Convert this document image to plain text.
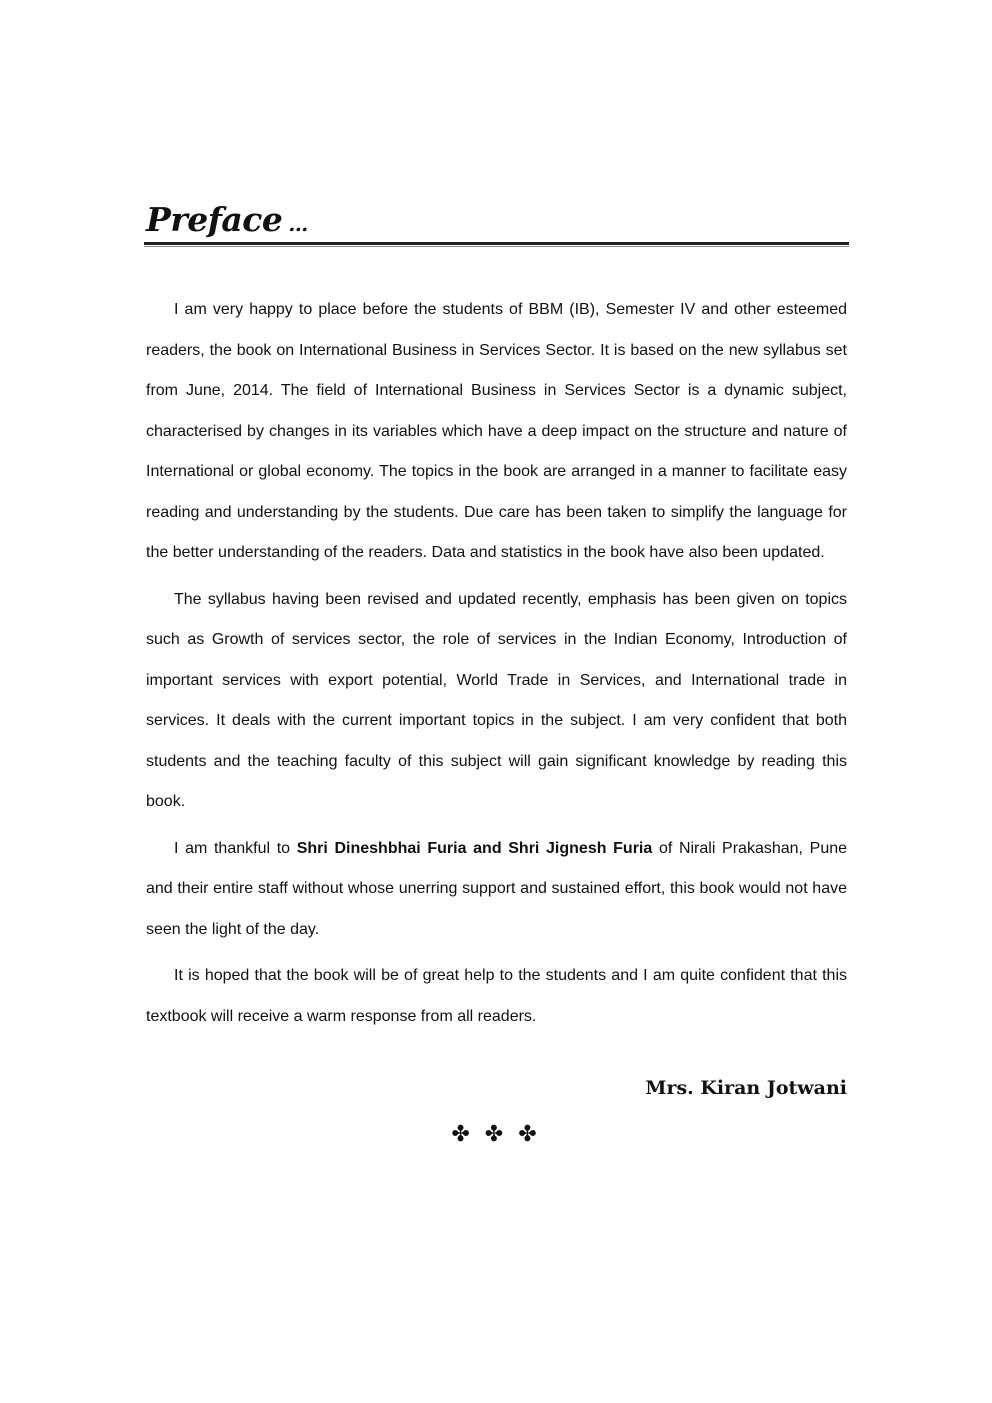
Preface ...

I am very happy to place before the students of BBM (IB), Semester IV and other esteemed readers, the book on International Business in Services Sector. It is based on the new syllabus set from June, 2014. The field of International Business in Services Sector is a dynamic subject, characterised by changes in its variables which have a deep impact on the structure and nature of International or global economy. The topics in the book are arranged in a manner to facilitate easy reading and understanding by the students. Due care has been taken to simplify the language for the better understanding of the readers. Data and statistics in the book have also been updated.

The syllabus having been revised and updated recently, emphasis has been given on topics such as Growth of services sector, the role of services in the Indian Economy, Introduction of important services with export potential, World Trade in Services, and International trade in services. It deals with the current important topics in the subject. I am very confident that both students and the teaching faculty of this subject will gain significant knowledge by reading this book.

I am thankful to Shri Dineshbhai Furia and Shri Jignesh Furia of Nirali Prakashan, Pune and their entire staff without whose unerring support and sustained effort, this book would not have seen the light of the day.

It is hoped that the book will be of great help to the students and I am quite confident that this textbook will receive a warm response from all readers.

Mrs. Kiran Jotwani
✤ ✤ ✤
